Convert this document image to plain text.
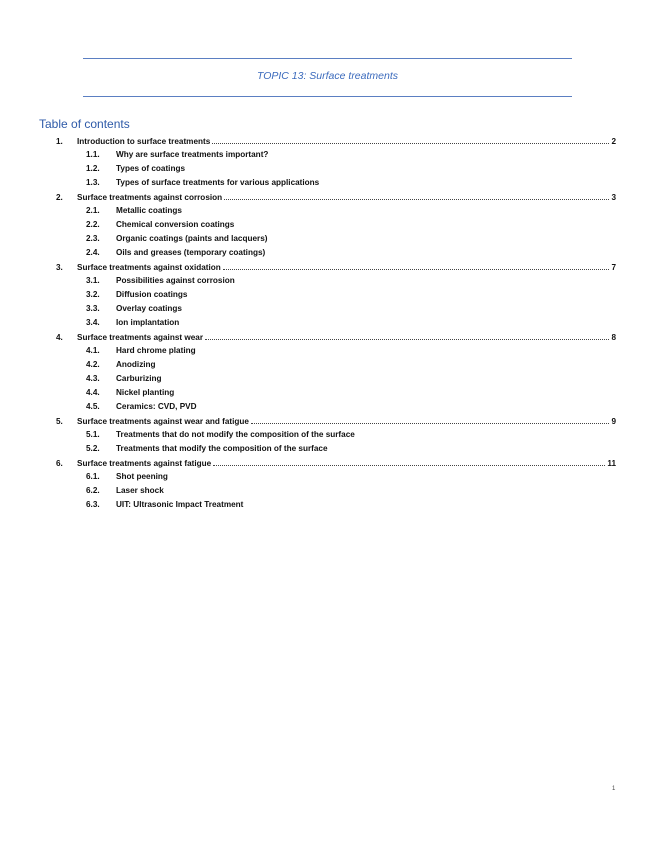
TOPIC 13: Surface treatments
Table of contents
1.	Introduction to surface treatments	2
1.1.	Why are surface treatments important?
1.2.	Types of coatings
1.3.	Types of surface treatments for various applications
2.	Surface treatments against corrosion	3
2.1.	Metallic coatings
2.2.	Chemical conversion coatings
2.3.	Organic coatings (paints and lacquers)
2.4.	Oils and greases (temporary coatings)
3.	Surface treatments against oxidation	7
3.1.	Possibilities against corrosion
3.2.	Diffusion coatings
3.3.	Overlay coatings
3.4.	Ion implantation
4.	Surface treatments against wear	8
4.1.	Hard chrome plating
4.2.	Anodizing
4.3.	Carburizing
4.4.	Nickel planting
4.5.	Ceramics: CVD, PVD
5.	Surface treatments against wear and fatigue	9
5.1.	Treatments that do not modify the composition of the surface
5.2.	Treatments that modify the composition of the surface
6.	Surface treatments against fatigue	11
6.1.	Shot peening
6.2.	Laser shock
6.3.	UIT: Ultrasonic Impact Treatment
1
